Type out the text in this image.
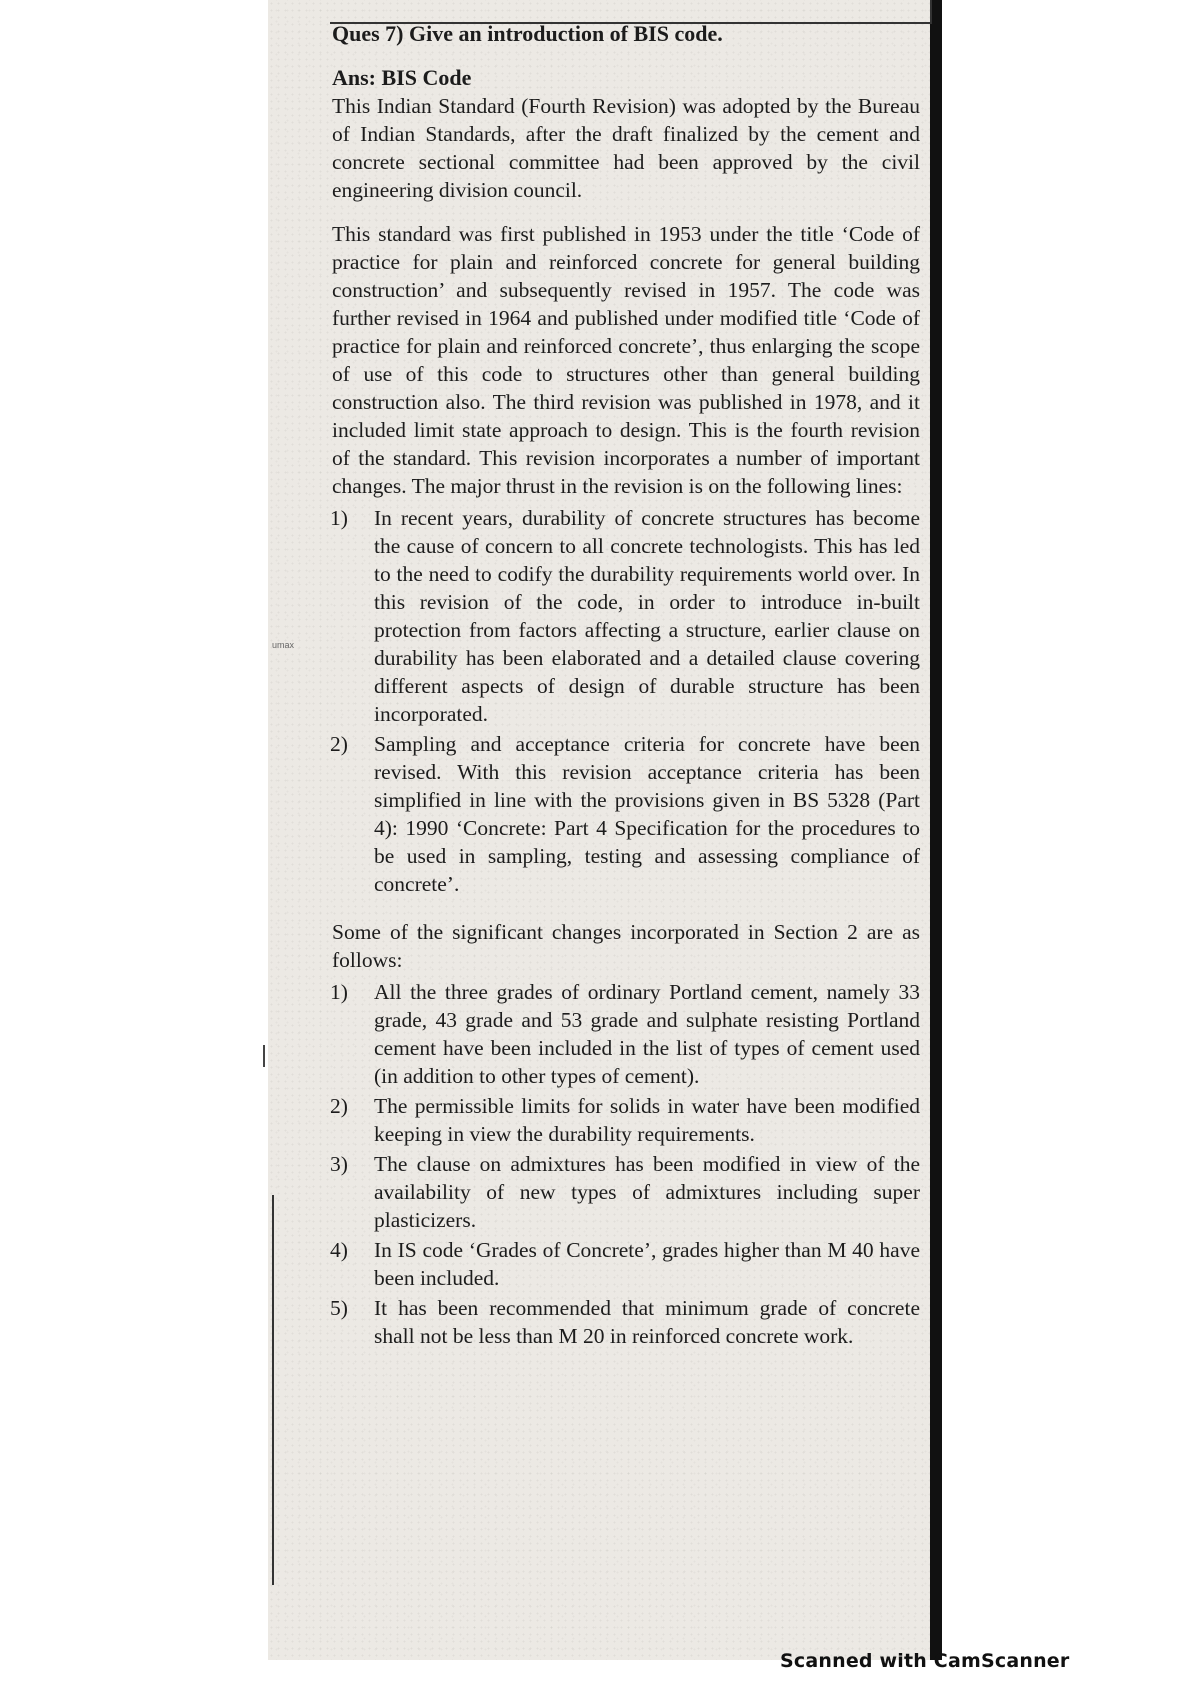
umax
Ques 7) Give an introduction of BIS code.
Ans: BIS Code

This Indian Standard (Fourth Revision) was adopted by the Bureau of Indian Standards, after the draft finalized by the cement and concrete sectional committee had been approved by the civil engineering division council.

This standard was first published in 1953 under the title ‘Code of practice for plain and reinforced concrete for general building construction’ and subsequently revised in 1957. The code was further revised in 1964 and published under modified title ‘Code of practice for plain and reinforced concrete’, thus enlarging the scope of use of this code to structures other than general building construction also. The third revision was published in 1978, and it included limit state approach to design. This is the fourth revision of the standard. This revision incorporates a number of important changes. The major thrust in the revision is on the following lines:

1) In recent years, durability of concrete structures has become the cause of concern to all concrete technologists. This has led to the need to codify the durability requirements world over. In this revision of the code, in order to introduce in-built protection from factors affecting a structure, earlier clause on durability has been elaborated and a detailed clause covering different aspects of design of durable structure has been incorporated.
2) Sampling and acceptance criteria for concrete have been revised. With this revision acceptance criteria has been simplified in line with the provisions given in BS 5328 (Part 4): 1990 ‘Concrete: Part 4 Specification for the procedures to be used in sampling, testing and assessing compliance of concrete’.

Some of the significant changes incorporated in Section 2 are as follows:

1) All the three grades of ordinary Portland cement, namely 33 grade, 43 grade and 53 grade and sulphate resisting Portland cement have been included in the list of types of cement used (in addition to other types of cement).
2) The permissible limits for solids in water have been modified keeping in view the durability requirements.
3) The clause on admixtures has been modified in view of the availability of new types of admixtures including super plasticizers.
4) In IS code ‘Grades of Concrete’, grades higher than M 40 have been included.
5) It has been recommended that minimum grade of concrete shall not be less than M 20 in reinforced concrete work.
Scanned with CamScanner
